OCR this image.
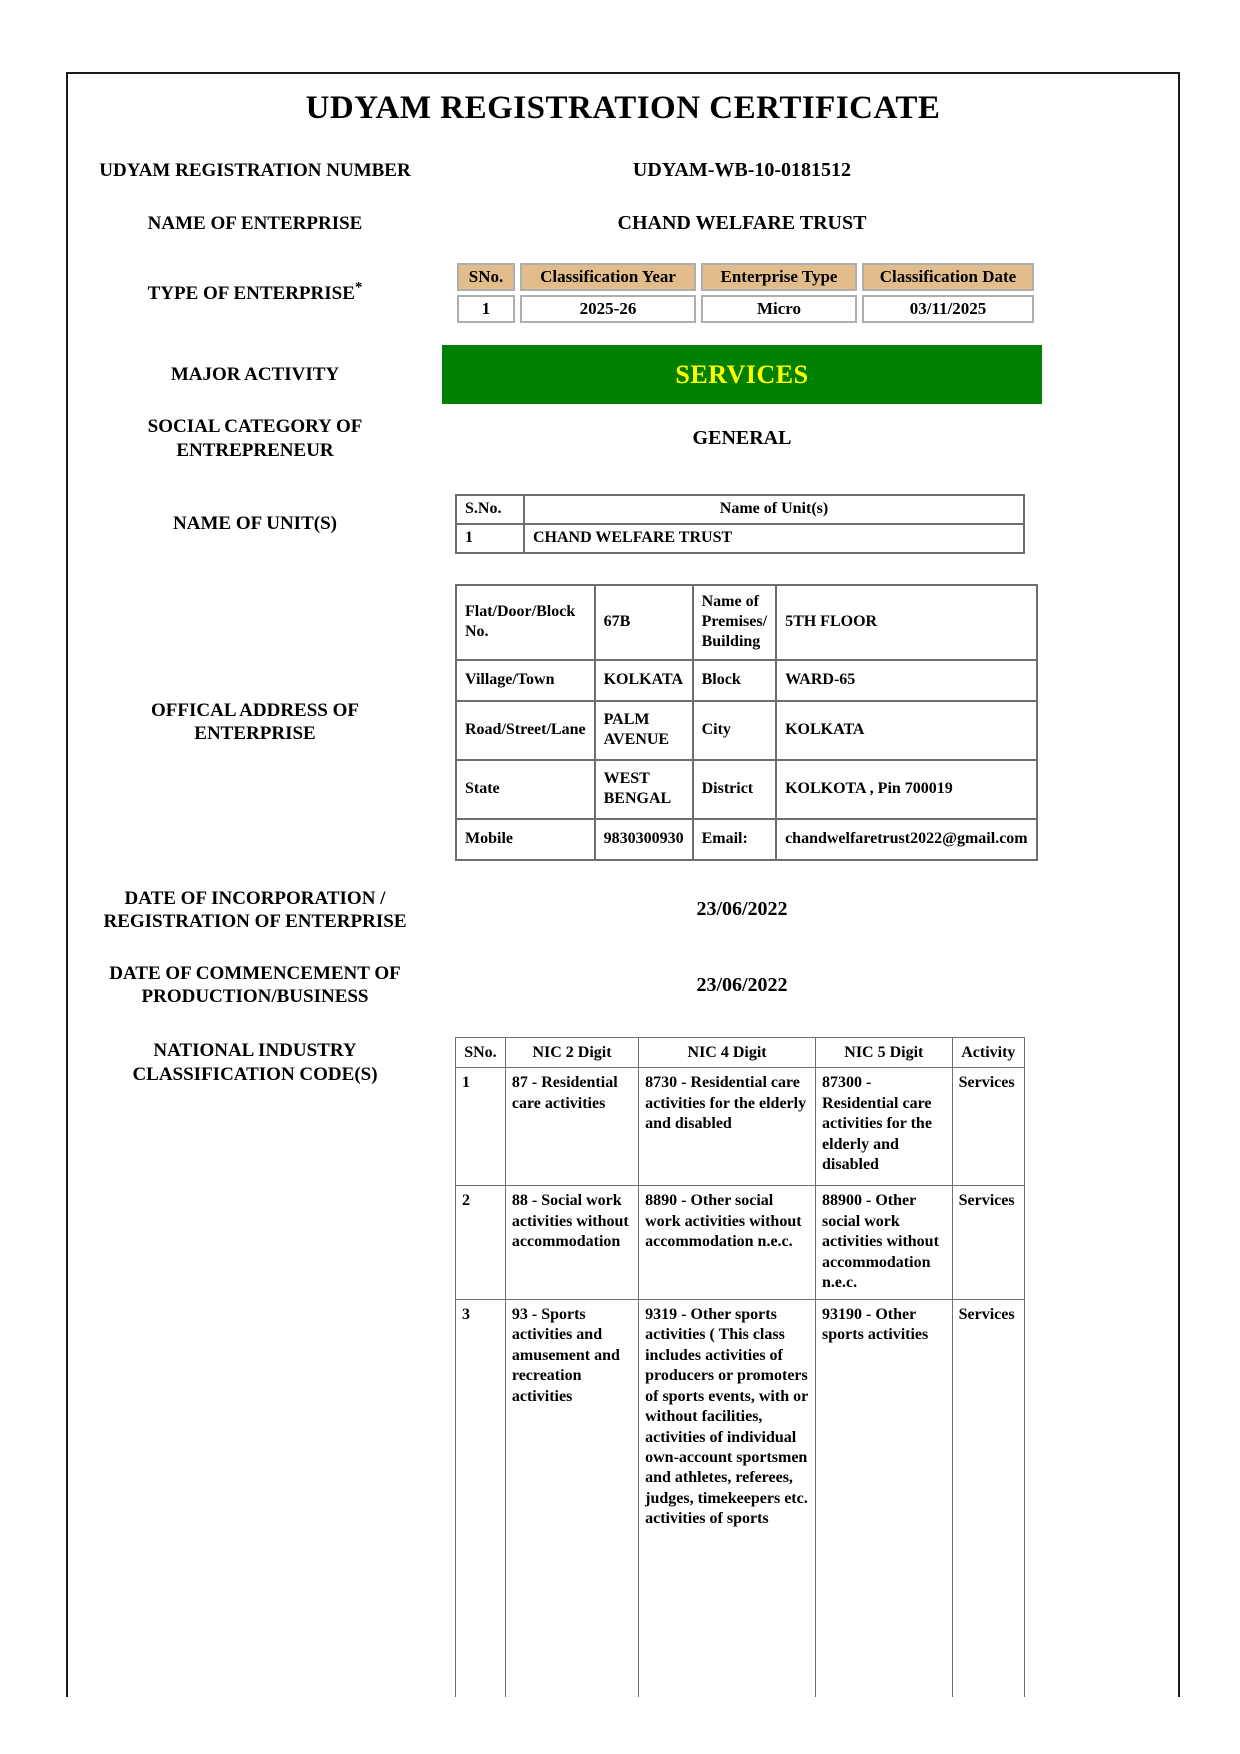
UDYAM REGISTRATION CERTIFICATE
UDYAM REGISTRATION NUMBER	UDYAM-WB-10-0181512
NAME OF ENTERPRISE	CHAND WELFARE TRUST
TYPE OF ENTERPRISE*
SNo.	Classification Year	Enterprise Type	Classification Date
1	2025-26	Micro	03/11/2025
MAJOR ACTIVITY	SERVICES
SOCIAL CATEGORY OF ENTREPRENEUR
GENERAL
NAME OF UNIT(S)
S.No.	Name of Unit(s)
1	CHAND WELFARE TRUST
OFFICAL ADDRESS OF ENTERPRISE
Flat/Door/Block No.	67B	Name of Premises/ Building	5TH FLOOR
Village/Town	KOLKATA	Block	WARD-65
Road/Street/Lane	PALM AVENUE	City	KOLKATA
State	WEST BENGAL	District	KOLKOTA , Pin 700019
Mobile	9830300930	Email:	chandwelfaretrust2022@gmail.com
DATE OF INCORPORATION / REGISTRATION OF ENTERPRISE
23/06/2022
DATE OF COMMENCEMENT OF PRODUCTION/BUSINESS
23/06/2022
NATIONAL INDUSTRY CLASSIFICATION CODE(S)
SNo.	NIC 2 Digit	NIC 4 Digit	NIC 5 Digit	Activity
1	87 - Residential care activities	8730 - Residential care activities for the elderly and disabled	87300 - Residential care activities for the elderly and disabled	Services
2	88 - Social work activities without accommodation	8890 - Other social work activities without accommodation n.e.c.	88900 - Other social work activities without accommodation n.e.c.	Services
3	93 - Sports activities and amusement and recreation activities	9319 - Other sports activities ( This class includes activities of producers or promoters of sports events, with or without facilities, activities of individual own-account sportsmen and athletes, referees, judges, timekeepers etc. activities of sports	93190 - Other sports activities	Services
